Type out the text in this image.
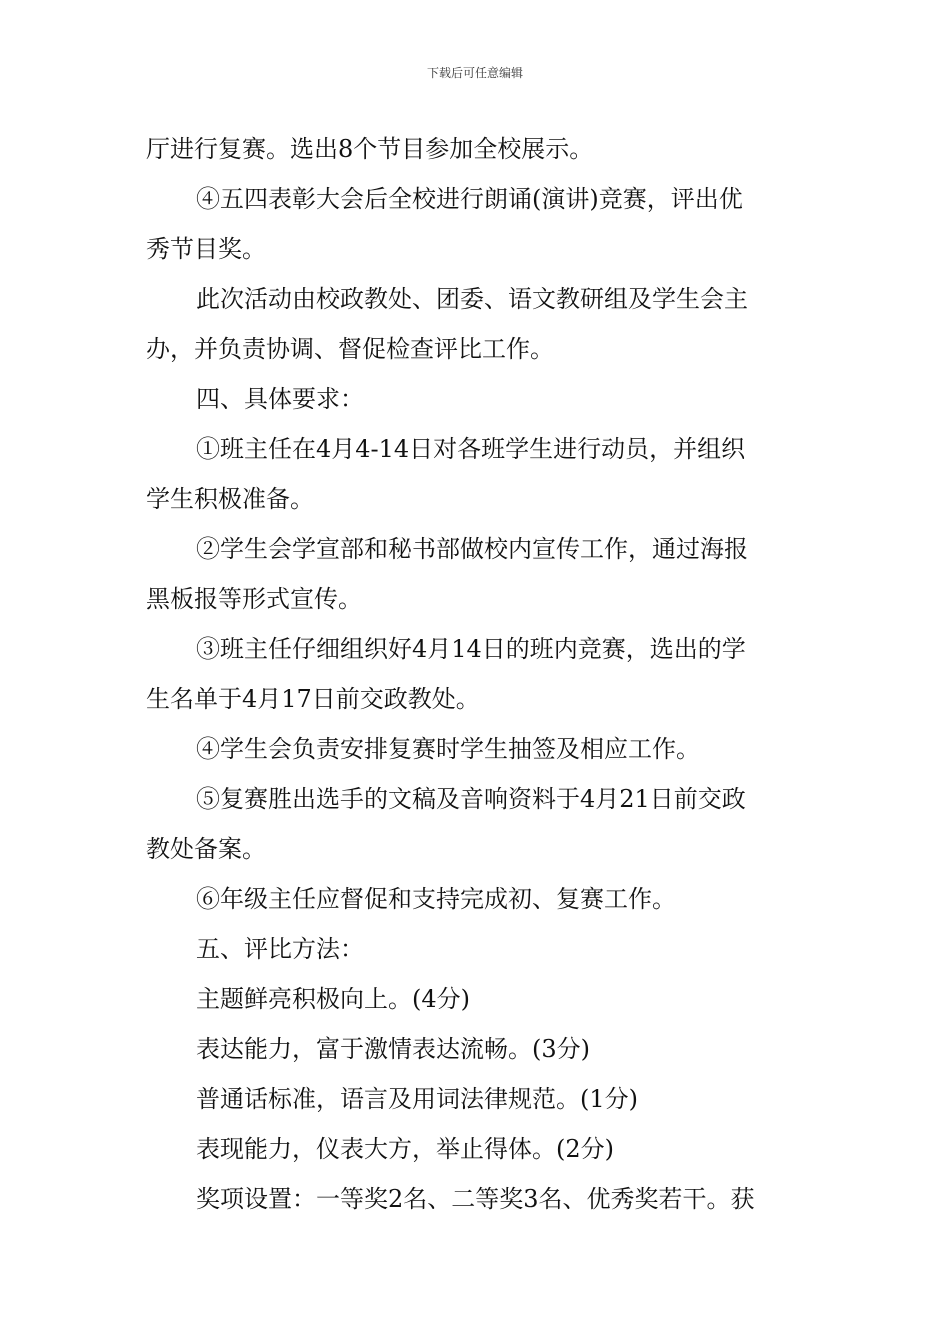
下载后可任意编辑
厅进行复赛。选出8个节目参加全校展示。
④五四表彰大会后全校进行朗诵(演讲)竞赛，评出优
秀节目奖。
此次活动由校政教处、团委、语文教研组及学生会主
办，并负责协调、督促检查评比工作。
四、具体要求：
①班主任在4月4-14日对各班学生进行动员，并组织
学生积极准备。
②学生会学宣部和秘书部做校内宣传工作，通过海报
黑板报等形式宣传。
③班主任仔细组织好4月14日的班内竞赛，选出的学
生名单于4月17日前交政教处。
④学生会负责安排复赛时学生抽签及相应工作。
⑤复赛胜出选手的文稿及音响资料于4月21日前交政
教处备案。
⑥年级主任应督促和支持完成初、复赛工作。
五、评比方法：
主题鲜亮积极向上。(4分)
表达能力，富于激情表达流畅。(3分)
普通话标准，语言及用词法律规范。(1分)
表现能力，仪表大方，举止得体。(2分)
奖项设置：一等奖2名、二等奖3名、优秀奖若干。获
